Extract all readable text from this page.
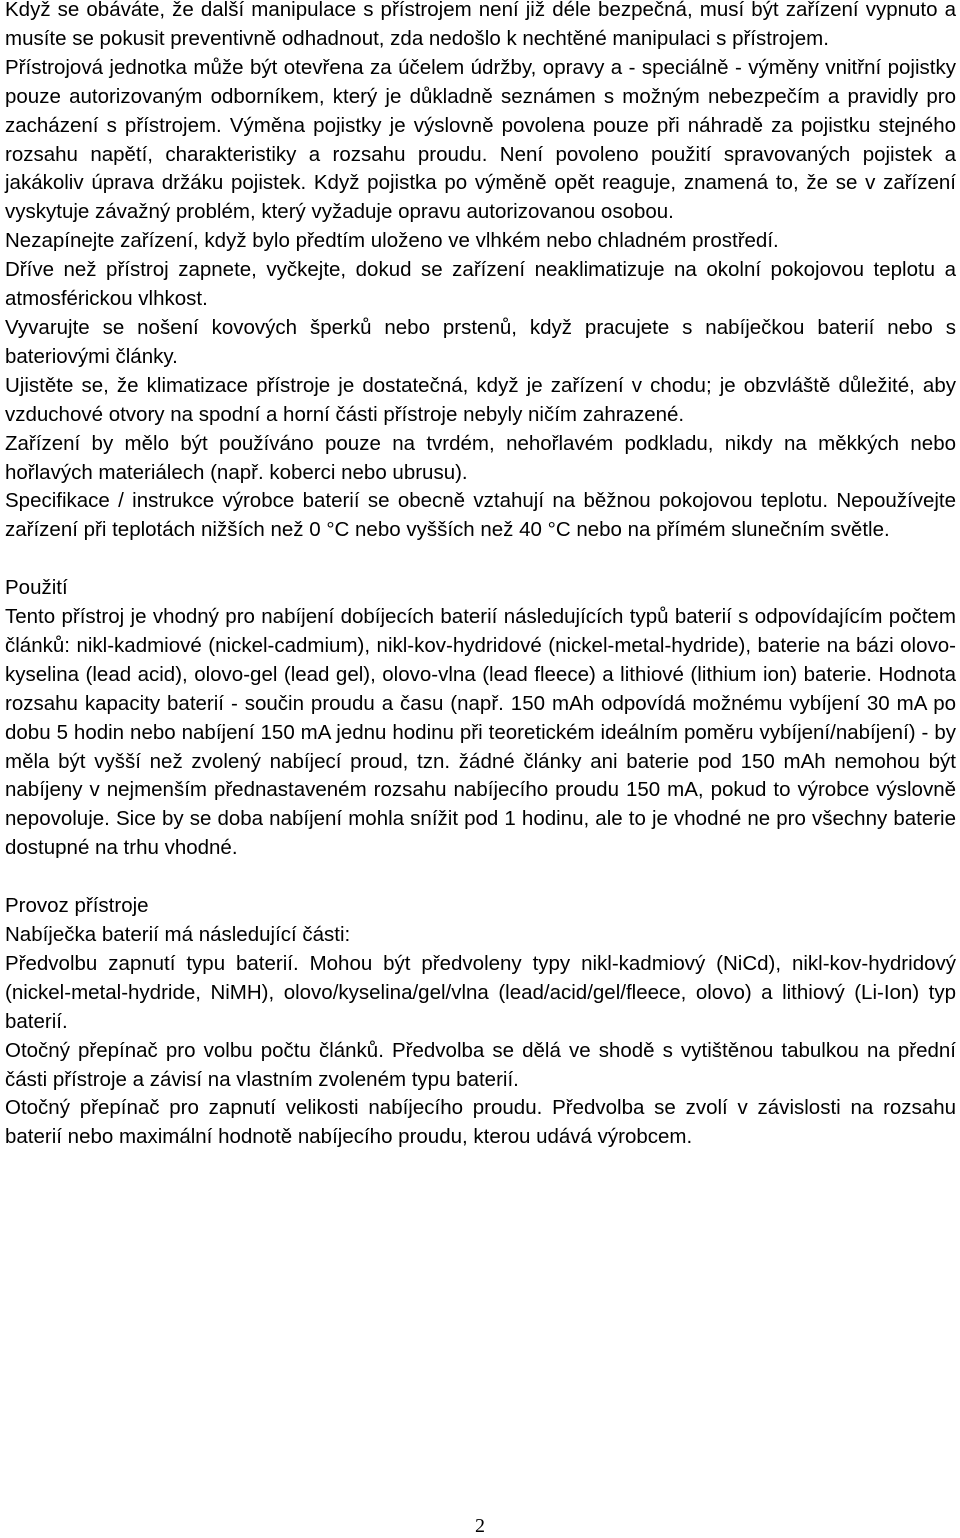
Když se obáváte, že další manipulace s přístrojem není již déle bezpečná, musí být zařízení vypnuto a musíte se pokusit preventivně odhadnout, zda nedošlo k nechtěné manipulaci s přístrojem.

Přístrojová jednotka může být otevřena za účelem údržby, opravy a - speciálně - výměny vnitřní pojistky pouze autorizovaným odborníkem, který je důkladně seznámen s možným nebezpečím a pravidly pro zacházení s přístrojem. Výměna pojistky je výslovně povolena pouze při náhradě za pojistku stejného rozsahu napětí, charakteristiky a rozsahu proudu. Není povoleno použití spravovaných pojistek a jakákoliv úprava držáku pojistek. Když pojistka po výměně opět reaguje, znamená to, že se v zařízení vyskytuje závažný problém, který vyžaduje opravu autorizovanou osobou.

Nezapínejte zařízení, když bylo předtím uloženo ve vlhkém nebo chladném prostředí.

Dříve než přístroj zapnete, vyčkejte, dokud se zařízení neaklimatizuje na okolní pokojovou teplotu a atmosférickou vlhkost.

Vyvarujte se nošení kovových šperků nebo prstenů, když pracujete s nabíječkou baterií nebo s bateriovými články.

Ujistěte se, že klimatizace přístroje je dostatečná, když je zařízení v chodu; je obzvláště důležité, aby vzduchové otvory na spodní a horní části přístroje nebyly ničím zahrazené.

Zařízení by mělo být používáno pouze na tvrdém, nehořlavém podkladu, nikdy na měkkých nebo hořlavých materiálech (např. koberci nebo ubrusu).

Specifikace / instrukce výrobce baterií se obecně vztahují na běžnou pokojovou teplotu. Nepoužívejte zařízení při teplotách nižších než 0 °C nebo vyšších než 40 °C nebo na přímém slunečním světle.

Použití

Tento přístroj je vhodný pro nabíjení dobíjecích baterií následujících typů baterií s odpovídajícím počtem článků: nikl-kadmiové (nickel-cadmium), nikl-kov-hydridové (nickel-metal-hydride), baterie na bázi olovo-kyselina (lead acid), olovo-gel (lead gel), olovo-vlna (lead fleece) a lithiové (lithium ion) baterie. Hodnota rozsahu kapacity baterií - součin proudu a času (např. 150 mAh odpovídá možnému vybíjení 30 mA po dobu 5 hodin nebo nabíjení 150 mA jednu hodinu při teoretickém ideálním poměru vybíjení/nabíjení) - by měla být vyšší než zvolený nabíjecí proud, tzn. žádné články ani baterie pod 150 mAh nemohou být nabíjeny v nejmenším přednastaveném rozsahu nabíjecího proudu 150 mA, pokud to výrobce výslovně nepovoluje. Sice by se doba nabíjení mohla snížit pod 1 hodinu, ale to je vhodné ne pro všechny baterie dostupné na trhu vhodné.

Provoz přístroje

Nabíječka baterií má následující části:

Předvolbu zapnutí typu baterií. Mohou být předvoleny typy nikl-kadmiový (NiCd), nikl-kov-hydridový (nickel-metal-hydride, NiMH), olovo/kyselina/gel/vlna (lead/acid/gel/fleece, olovo) a lithiový (Li-Ion) typ baterií.

Otočný přepínač pro volbu počtu článků. Předvolba se dělá ve shodě s vytištěnou tabulkou na přední části přístroje a závisí na vlastním zvoleném typu baterií.

Otočný přepínač pro zapnutí velikosti nabíjecího proudu. Předvolba se zvolí v závislosti na rozsahu baterií nebo maximální hodnotě nabíjecího proudu, kterou udává výrobcem.

2
